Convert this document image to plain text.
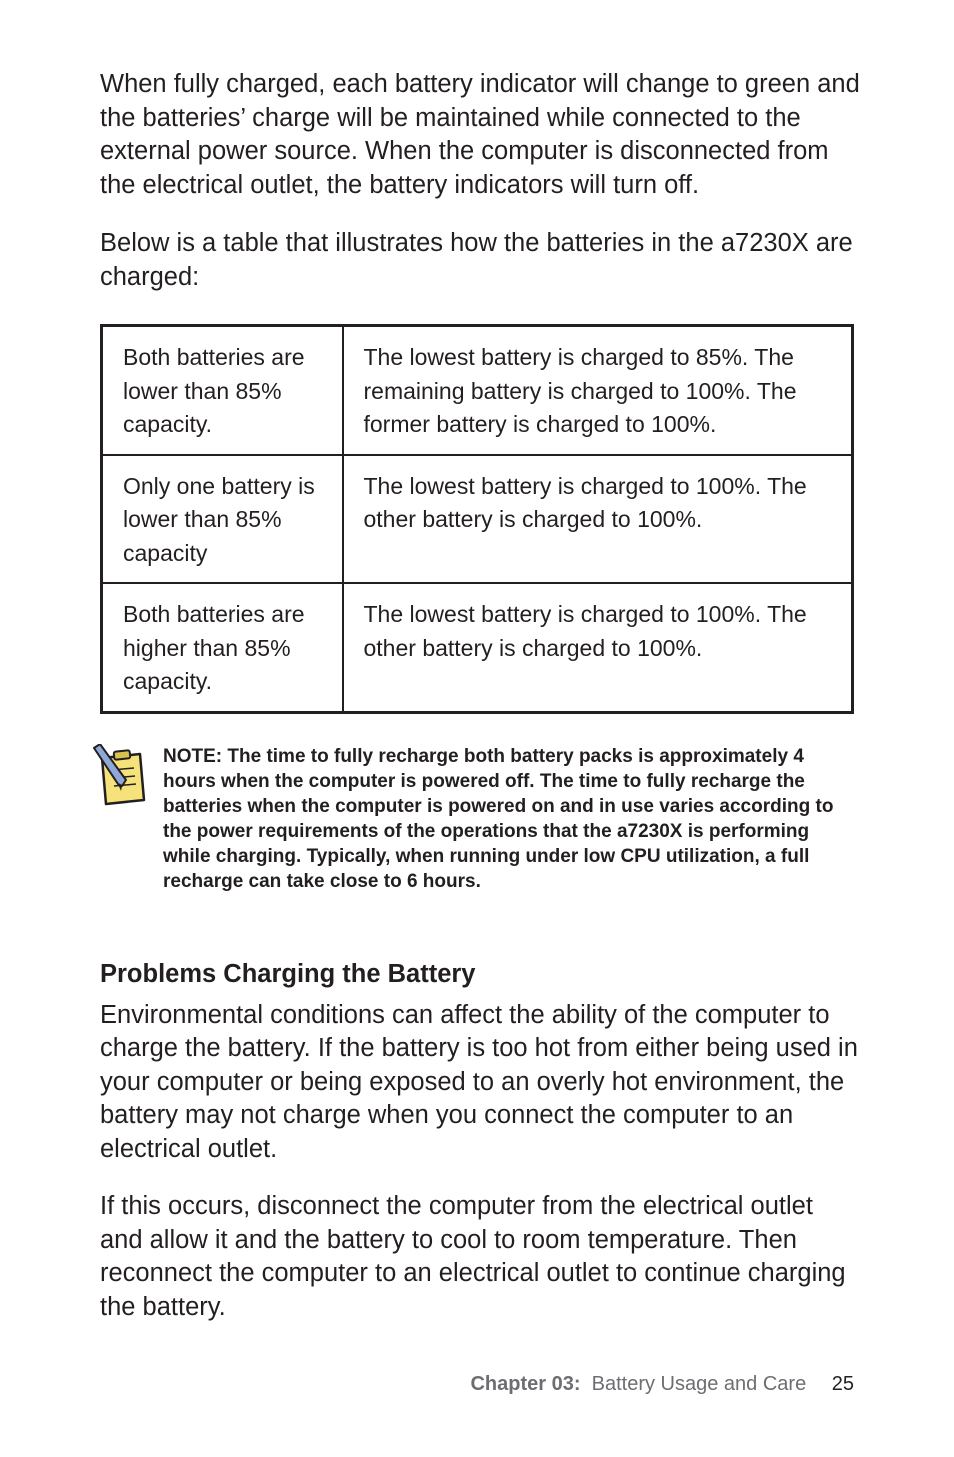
When fully charged, each battery indicator will change to green and the batteries’ charge will be maintained while connected to the external power source. When the computer is disconnected from the electrical outlet, the battery indicators will turn off.

Below is a table that illustrates how the batteries in the a7230X are charged:

Both batteries are lower than 85% capacity.	The lowest battery is charged to 85%. The remaining battery is charged to 100%. The former battery is charged to 100%.
Only one battery is lower than 85% capacity	The lowest battery is charged to 100%. The other battery is charged to 100%.
Both batteries are higher than 85% capacity.	The lowest battery is charged to 100%. The other battery is charged to 100%.
NOTE: The time to fully recharge both battery packs is approximately 4 hours when the computer is powered off. The time to fully recharge the batteries when the computer is powered on and in use varies according to the power requirements of the operations that the a7230X is performing while charging. Typically, when running under low CPU utilization, a full recharge can take close to 6 hours.
Problems Charging the Battery

Environmental conditions can affect the ability of the computer to charge the battery. If the battery is too hot from either being used in your computer or being exposed to an overly hot environment, the battery may not charge when you connect the computer to an electrical outlet.

If this occurs, disconnect the computer from the electrical outlet and allow it and the battery to cool to room temperature. Then reconnect the computer to an electrical outlet to continue charging the battery.

Chapter 03: Battery Usage and Care 25
